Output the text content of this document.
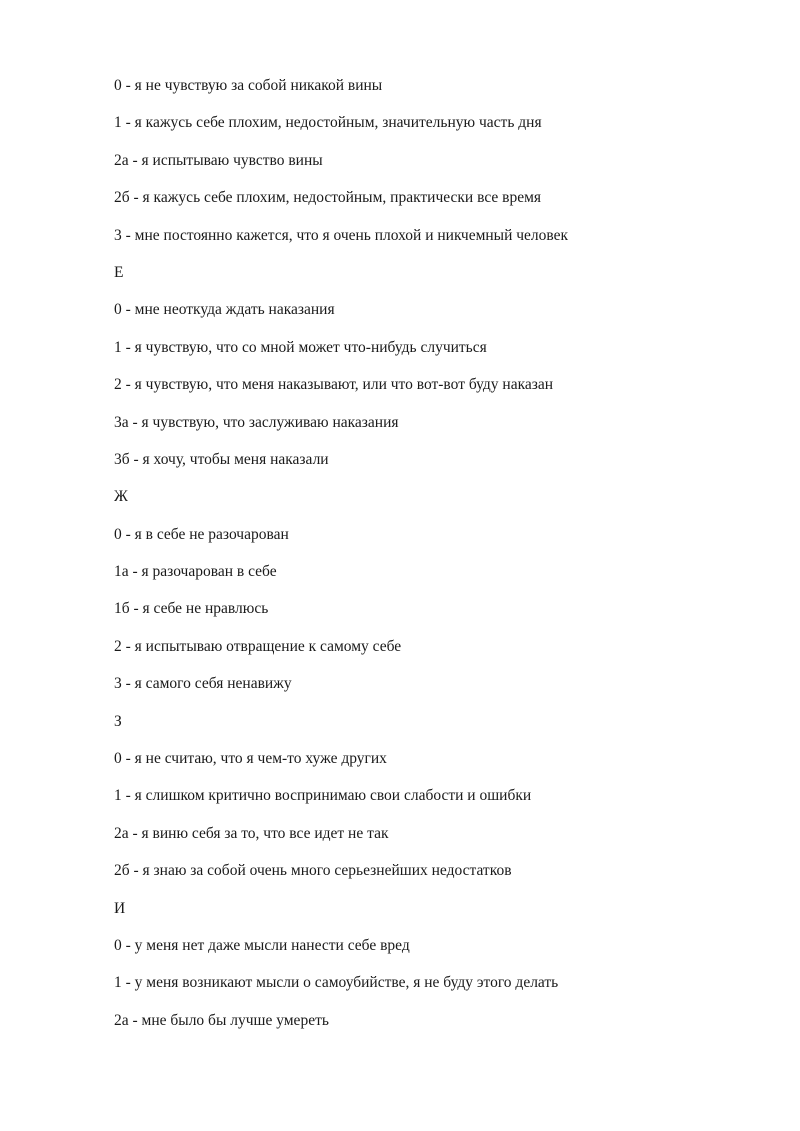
0 - я не чувствую за собой никакой вины
1 - я кажусь себе плохим, недостойным, значительную часть дня
2а - я испытываю чувство вины
2б - я кажусь себе плохим, недостойным, практически все время
3 - мне постоянно кажется, что я очень плохой и никчемный человек
Е
0 - мне неоткуда ждать наказания
1 - я чувствую, что со мной может что-нибудь случиться
2 - я чувствую, что меня наказывают, или что вот-вот буду наказан
3а - я чувствую, что заслуживаю наказания
3б - я хочу, чтобы меня наказали
Ж
0 - я в себе не разочарован
1а - я разочарован в себе
1б - я себе не нравлюсь
2 - я испытываю отвращение к самому себе
3 - я самого себя ненавижу
З
0 - я не считаю, что я чем-то хуже других
1 - я слишком критично воспринимаю свои слабости и ошибки
2а - я виню себя за то, что все идет не так
2б - я знаю за собой очень много серьезнейших недостатков
И
0 - у меня нет даже мысли нанести себе вред
1 - у меня возникают мысли о самоубийстве, я не буду этого делать
2а - мне было бы лучше умереть
